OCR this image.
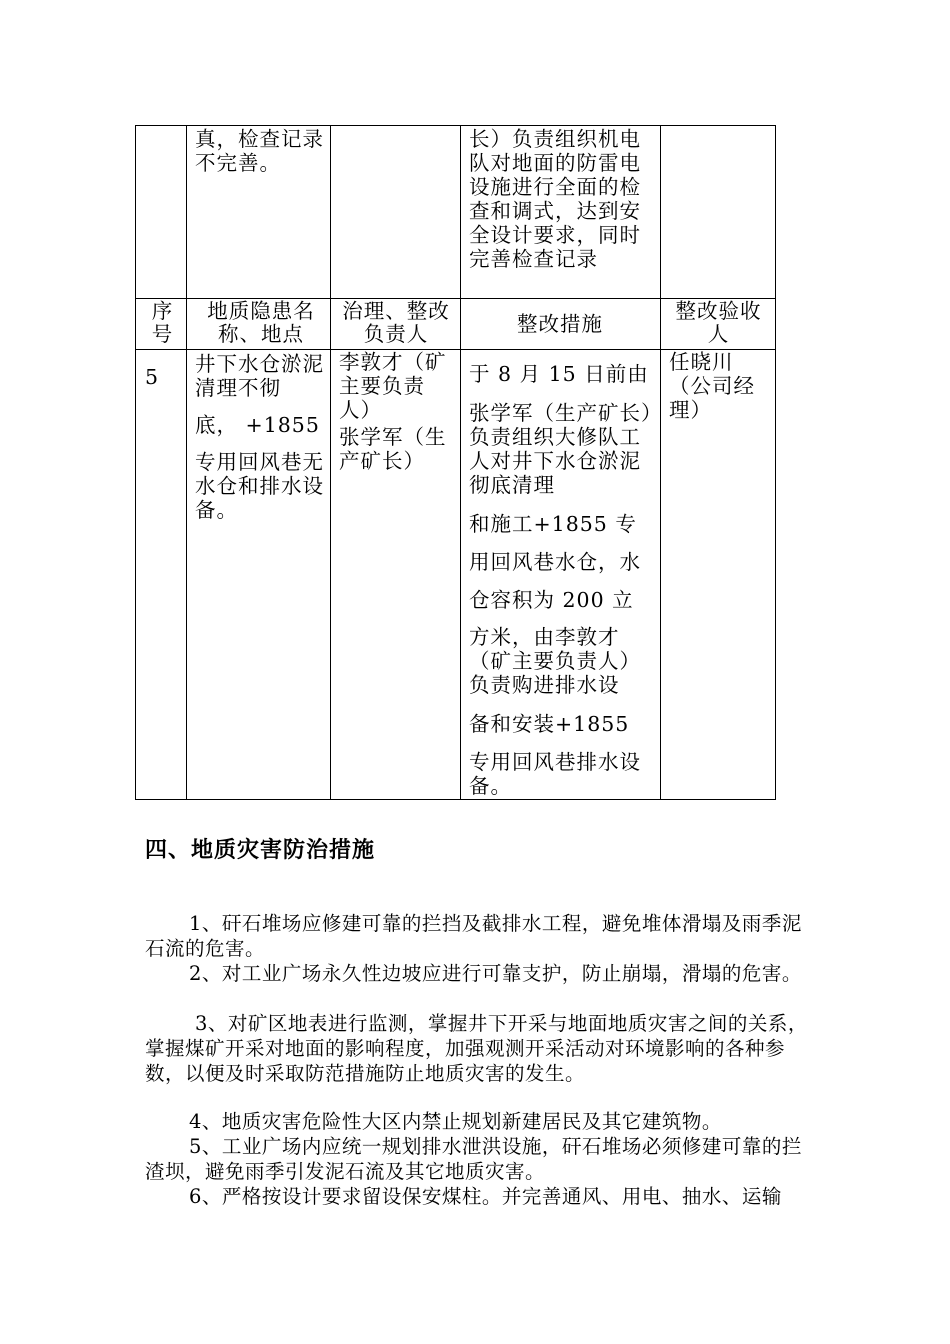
真，检查记录不完善。
长）负责组织机电队对地面的防雷电设施进行全面的检查和调式，达到安全设计要求，同时完善检查记录
序号
地质隐患名称、地点
治理、整改负责人	整改措施
整改验收人
5
井下水仓淤泥清理不彻
底， +1855
专用回风巷无水仓和排水设备。
李敦才（矿主要负责人）
张学军（生产矿长）
于 8 月 15 日前由
张学军（生产矿长）负责组织大修队工人对井下水仓淤泥彻底清理
和施工+1855 专
用回风巷水仓，水
仓容积为 200 立
方米，由李敦才（矿主要负责人）负责购进排水设
备和安装+1855
专用回风巷排水设备。
任晓川（公司经理）
四、地质灾害防治措施
1、矸石堆场应修建可靠的拦挡及截排水工程，避免堆体滑塌及雨季泥石流的危害。
2、对工业广场永久性边坡应进行可靠支护，防止崩塌，滑塌的危害。
3、对矿区地表进行监测，掌握井下开采与地面地质灾害之间的关系，掌握煤矿开采对地面的影响程度，加强观测开采活动对环境影响的各种参数，以便及时采取防范措施防止地质灾害的发生。
4、地质灾害危险性大区内禁止规划新建居民及其它建筑物。
5、工业广场内应统一规划排水泄洪设施，矸石堆场必须修建可靠的拦渣坝，避免雨季引发泥石流及其它地质灾害。
6、严格按设计要求留设保安煤柱。并完善通风、用电、抽水、运输
